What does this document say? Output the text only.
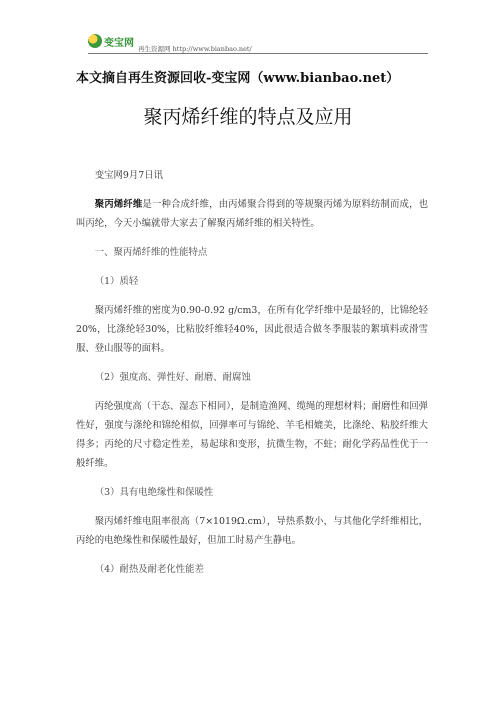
变宝网
再生资源网 http://www.bianbao.net/
本文摘自再生资源回收-变宝网（www.bianbao.net）
聚丙烯纤维的特点及应用

变宝网9月7日讯

聚丙烯纤维是一种合成纤维，由丙烯聚合得到的等规聚丙烯为原料纺制而成，也叫丙纶，今天小编就带大家去了解聚丙烯纤维的相关特性。

一、聚丙烯纤维的性能特点

（1）质轻

聚丙烯纤维的密度为0.90-0.92 g/cm3，在所有化学纤维中是最轻的，比锦纶轻20%，比涤纶轻30%，比粘胶纤维轻40%，因此很适合做冬季服装的絮填料或滑雪服、登山服等的面料。

（2）强度高、弹性好、耐磨、耐腐蚀

丙纶强度高（干态、湿态下相同），是制造渔网、缆绳的理想材料；耐磨性和回弹性好，强度与涤纶和锦纶相似，回弹率可与锦纶、羊毛相媲美，比涤纶、粘胶纤维大得多；丙纶的尺寸稳定性差，易起球和变形，抗微生物，不蛀；耐化学药品性优于一般纤维。

（3）具有电绝缘性和保暖性

聚丙烯纤维电阻率很高（7×1019Ω.cm），导热系数小，与其他化学纤维相比，丙纶的电绝缘性和保暖性最好，但加工时易产生静电。

（4）耐热及耐老化性能差
